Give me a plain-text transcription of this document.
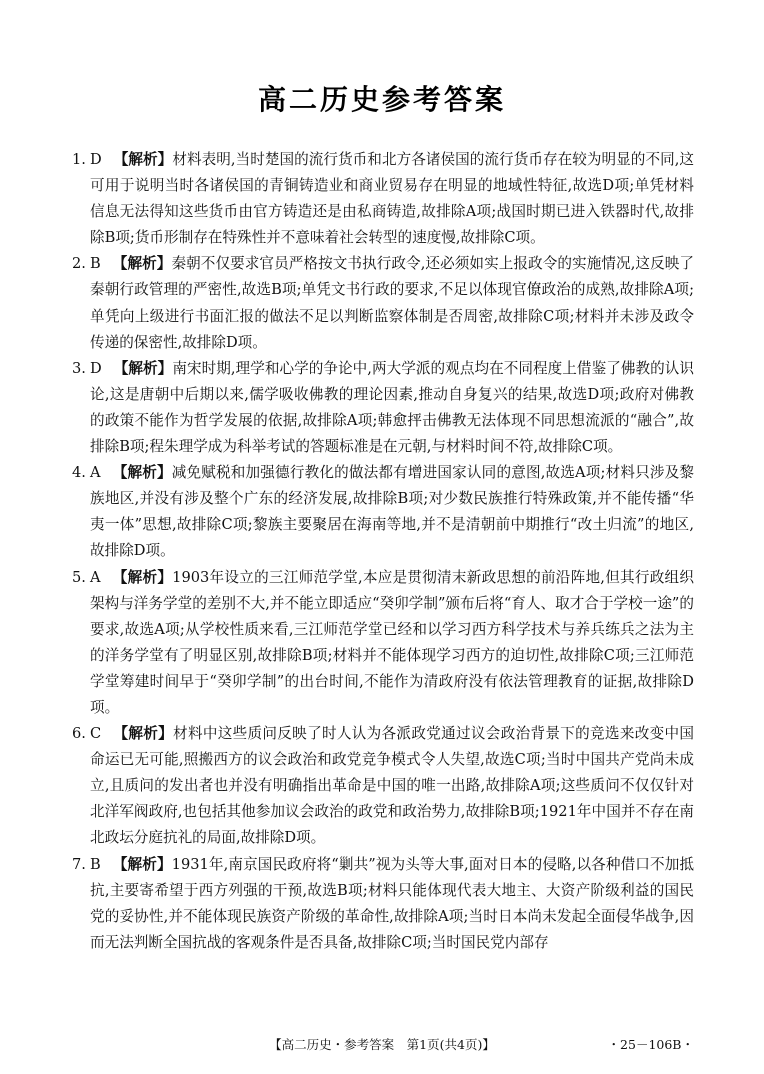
高二历史参考答案

1. D 【解析】材料表明,当时楚国的流行货币和北方各诸侯国的流行货币存在较为明显的不同,这可用于说明当时各诸侯国的青铜铸造业和商业贸易存在明显的地域性特征,故选D项;单凭材料信息无法得知这些货币由官方铸造还是由私商铸造,故排除A项;战国时期已进入铁器时代,故排除B项;货币形制存在特殊性并不意味着社会转型的速度慢,故排除C项。

2. B 【解析】秦朝不仅要求官员严格按文书执行政令,还必须如实上报政令的实施情况,这反映了秦朝行政管理的严密性,故选B项;单凭文书行政的要求,不足以体现官僚政治的成熟,故排除A项;单凭向上级进行书面汇报的做法不足以判断监察体制是否周密,故排除C项;材料并未涉及政令传递的保密性,故排除D项。

3. D 【解析】南宋时期,理学和心学的争论中,两大学派的观点均在不同程度上借鉴了佛教的认识论,这是唐朝中后期以来,儒学吸收佛教的理论因素,推动自身复兴的结果,故选D项;政府对佛教的政策不能作为哲学发展的依据,故排除A项;韩愈抨击佛教无法体现不同思想流派的“融合”,故排除B项;程朱理学成为科举考试的答题标准是在元朝,与材料时间不符,故排除C项。

4. A 【解析】减免赋税和加强德行教化的做法都有增进国家认同的意图,故选A项;材料只涉及黎族地区,并没有涉及整个广东的经济发展,故排除B项;对少数民族推行特殊政策,并不能传播“华夷一体”思想,故排除C项;黎族主要聚居在海南等地,并不是清朝前中期推行“改土归流”的地区,故排除D项。

5. A 【解析】1903年设立的三江师范学堂,本应是贯彻清末新政思想的前沿阵地,但其行政组织架构与洋务学堂的差别不大,并不能立即适应“癸卯学制”颁布后将“育人、取才合于学校一途”的要求,故选A项;从学校性质来看,三江师范学堂已经和以学习西方科学技术与养兵练兵之法为主的洋务学堂有了明显区别,故排除B项;材料并不能体现学习西方的迫切性,故排除C项;三江师范学堂筹建时间早于“癸卯学制”的出台时间,不能作为清政府没有依法管理教育的证据,故排除D项。

6. C 【解析】材料中这些质问反映了时人认为各派政党通过议会政治背景下的竞选来改变中国命运已无可能,照搬西方的议会政治和政党竞争模式令人失望,故选C项;当时中国共产党尚未成立,且质问的发出者也并没有明确指出革命是中国的唯一出路,故排除A项;这些质问不仅仅针对北洋军阀政府,也包括其他参加议会政治的政党和政治势力,故排除B项;1921年中国并不存在南北政坛分庭抗礼的局面,故排除D项。

7. B 【解析】1931年,南京国民政府将“剿共”视为头等大事,面对日本的侵略,以各种借口不加抵抗,主要寄希望于西方列强的干预,故选B项;材料只能体现代表大地主、大资产阶级利益的国民党的妥协性,并不能体现民族资产阶级的革命性,故排除A项;当时日本尚未发起全面侵华战争,因而无法判断全国抗战的客观条件是否具备,故排除C项;当时国民党内部存

【高二历史・参考答案　第1页(共4页)】	・25－106B・
